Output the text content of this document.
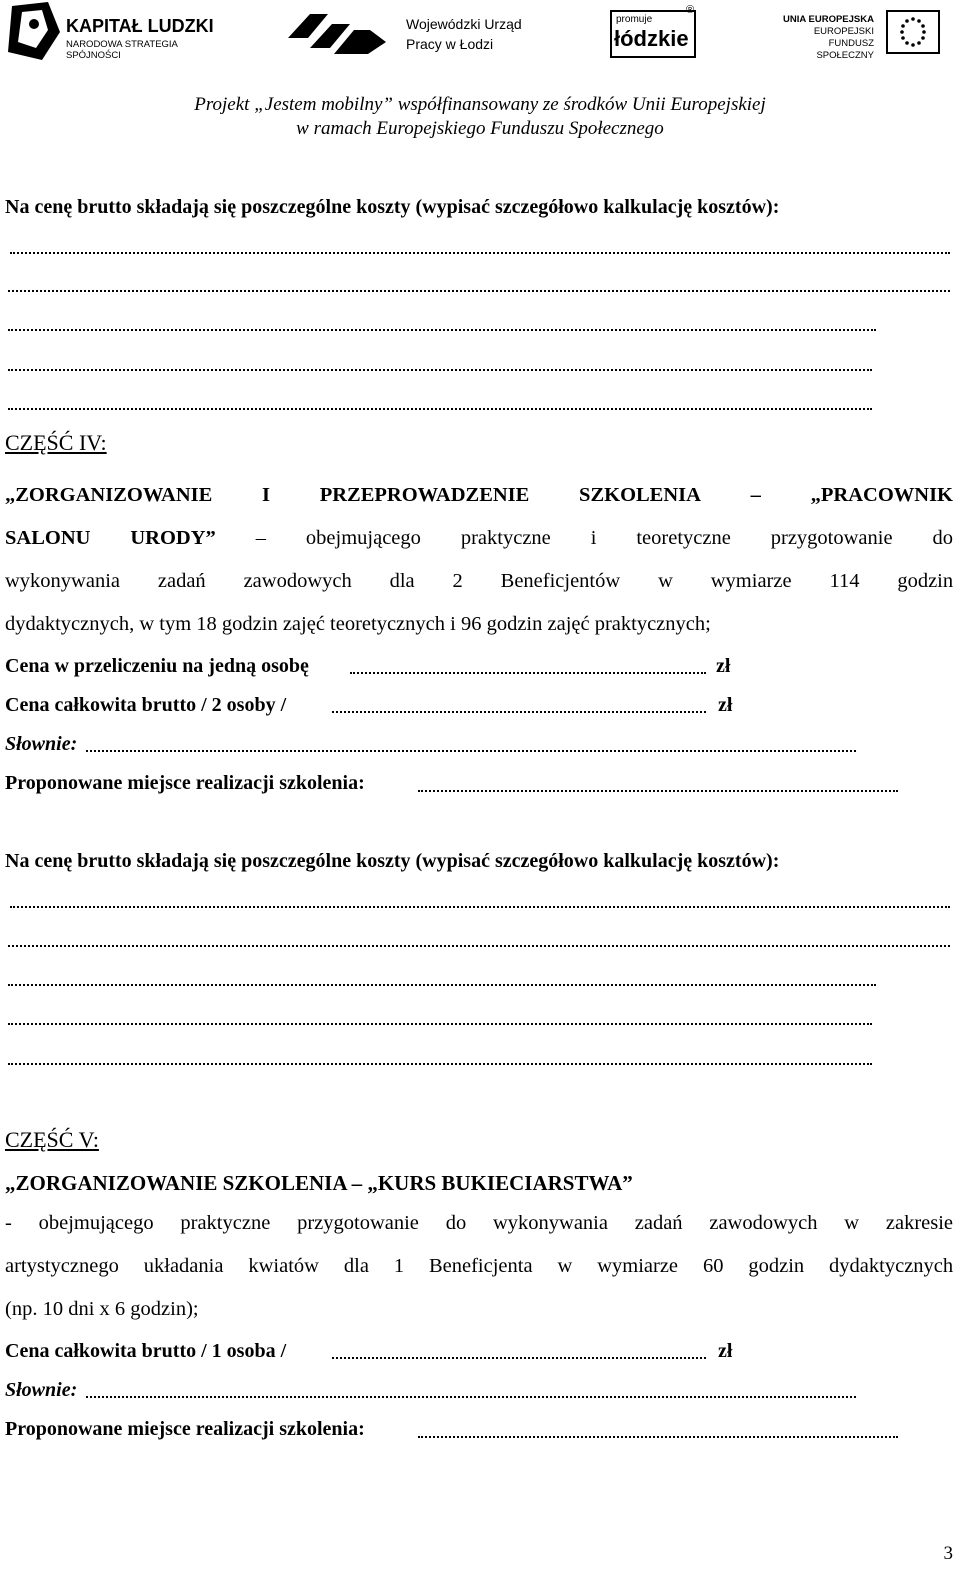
KAPITAŁ LUDZKI
NARODOWA STRATEGIA SPÓJNOŚCI
Wojewódzki Urząd
Pracy w Łodzi
promuje
łódzkie
®
UNIA EUROPEJSKA
EUROPEJSKI
FUNDUSZ SPOŁECZNY
Projekt „Jestem mobilny” współfinansowany ze środków Unii Europejskiej
w ramach Europejskiego Funduszu Społecznego
Na cenę brutto składają się poszczególne koszty (wypisać szczegółowo kalkulację kosztów):
CZĘŚĆ IV:
„ZORGANIZOWANIE I PRZEPROWADZENIE SZKOLENIA – „PRACOWNIK
SALONU URODY” – obejmującego praktyczne i teoretyczne przygotowanie do
wykonywania zadań zawodowych dla 2 Beneficjentów w wymiarze 114 godzin
dydaktycznych, w tym 18 godzin zajęć teoretycznych i 96 godzin zajęć praktycznych;
Cena w przeliczeniu na jedną osobę	zł
Cena całkowita brutto / 2 osoby /	zł
Słownie:
Proponowane miejsce realizacji szkolenia:
Na cenę brutto składają się poszczególne koszty (wypisać szczegółowo kalkulację kosztów):
CZĘŚĆ V:
„ZORGANIZOWANIE SZKOLENIA – „KURS BUKIECIARSTWA”
- obejmującego praktyczne przygotowanie do wykonywania zadań zawodowych w zakresie
artystycznego układania kwiatów dla 1 Beneficjenta w wymiarze 60 godzin dydaktycznych
(np. 10 dni x 6 godzin);
Cena całkowita brutto / 1 osoba /	zł
Słownie:
Proponowane miejsce realizacji szkolenia:
3
